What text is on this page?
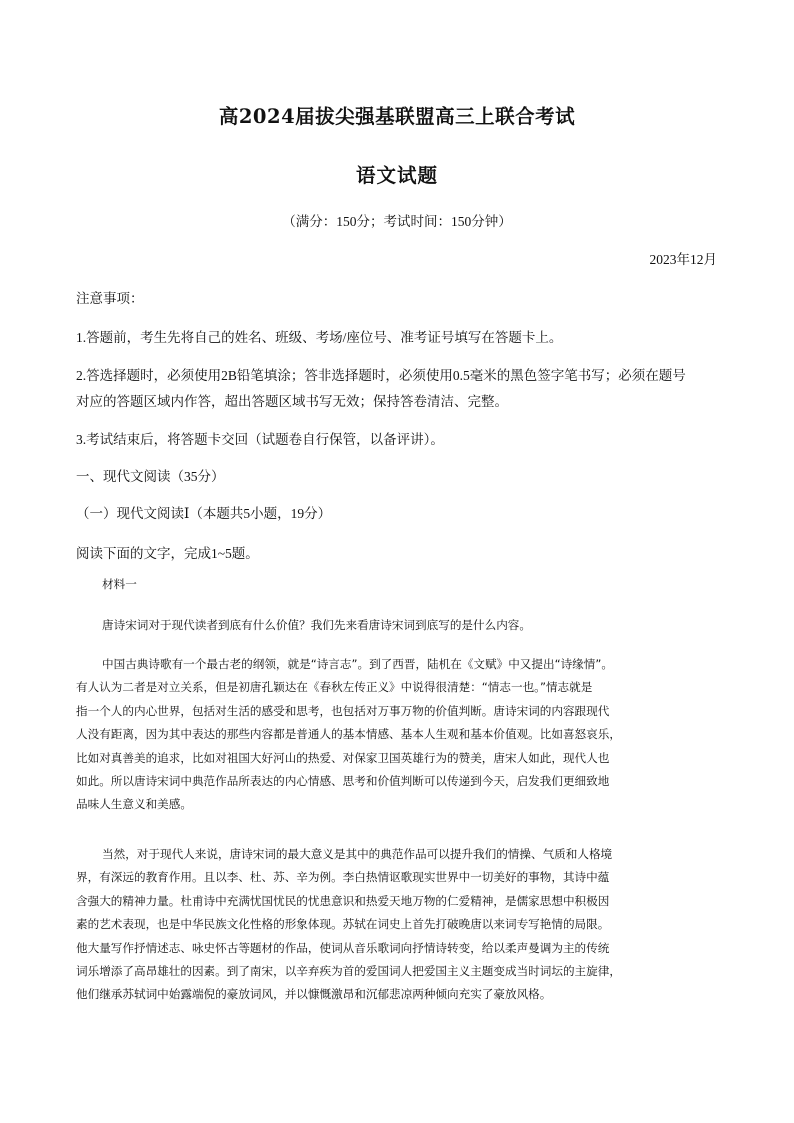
高2024届拔尖强基联盟高三上联合考试
语文试题
（满分：150分；考试时间：150分钟）
2023年12月
注意事项：
1.答题前，考生先将自己的姓名、班级、考场/座位号、准考证号填写在答题卡上。
2.答选择题时，必须使用2B铅笔填涂；答非选择题时，必须使用0.5毫米的黑色签字笔书写；必须在题号
对应的答题区域内作答，超出答题区域书写无效；保持答卷清洁、完整。
3.考试结束后，将答题卡交回（试题卷自行保管，以备评讲）。
一、现代文阅读（35分）
（一）现代文阅读Ⅰ（本题共5小题，19分）
阅读下面的文字，完成1~5题。
材料一
唐诗宋词对于现代读者到底有什么价值？我们先来看唐诗宋词到底写的是什么内容。
中国古典诗歌有一个最古老的纲领，就是“诗言志”。到了西晋，陆机在《文赋》中又提出“诗缘情”。
有人认为二者是对立关系，但是初唐孔颖达在《春秋左传正义》中说得很清楚：“情志一也。”情志就是
指一个人的内心世界，包括对生活的感受和思考，也包括对万事万物的价值判断。唐诗宋词的内容跟现代
人没有距离，因为其中表达的那些内容都是普通人的基本情感、基本人生观和基本价值观。比如喜怒哀乐，
比如对真善美的追求，比如对祖国大好河山的热爱、对保家卫国英雄行为的赞美，唐宋人如此，现代人也
如此。所以唐诗宋词中典范作品所表达的内心情感、思考和价值判断可以传递到今天，启发我们更细致地
品味人生意义和美感。
当然，对于现代人来说，唐诗宋词的最大意义是其中的典范作品可以提升我们的情操、气质和人格境
界，有深远的教育作用。且以李、杜、苏、辛为例。李白热情讴歌现实世界中一切美好的事物，其诗中蕴
含强大的精神力量。杜甫诗中充满忧国忧民的忧患意识和热爱天地万物的仁爱精神，是儒家思想中积极因
素的艺术表现，也是中华民族文化性格的形象体现。苏轼在词史上首先打破晚唐以来词专写艳情的局限。
他大量写作抒情述志、咏史怀古等题材的作品，使词从音乐歌词向抒情诗转变，给以柔声曼调为主的传统
词乐增添了高昂雄壮的因素。到了南宋，以辛弃疾为首的爱国词人把爱国主义主题变成当时词坛的主旋律，
他们继承苏轼词中始露端倪的豪放词风，并以慷慨激昂和沉郁悲凉两种倾向充实了豪放风格。
